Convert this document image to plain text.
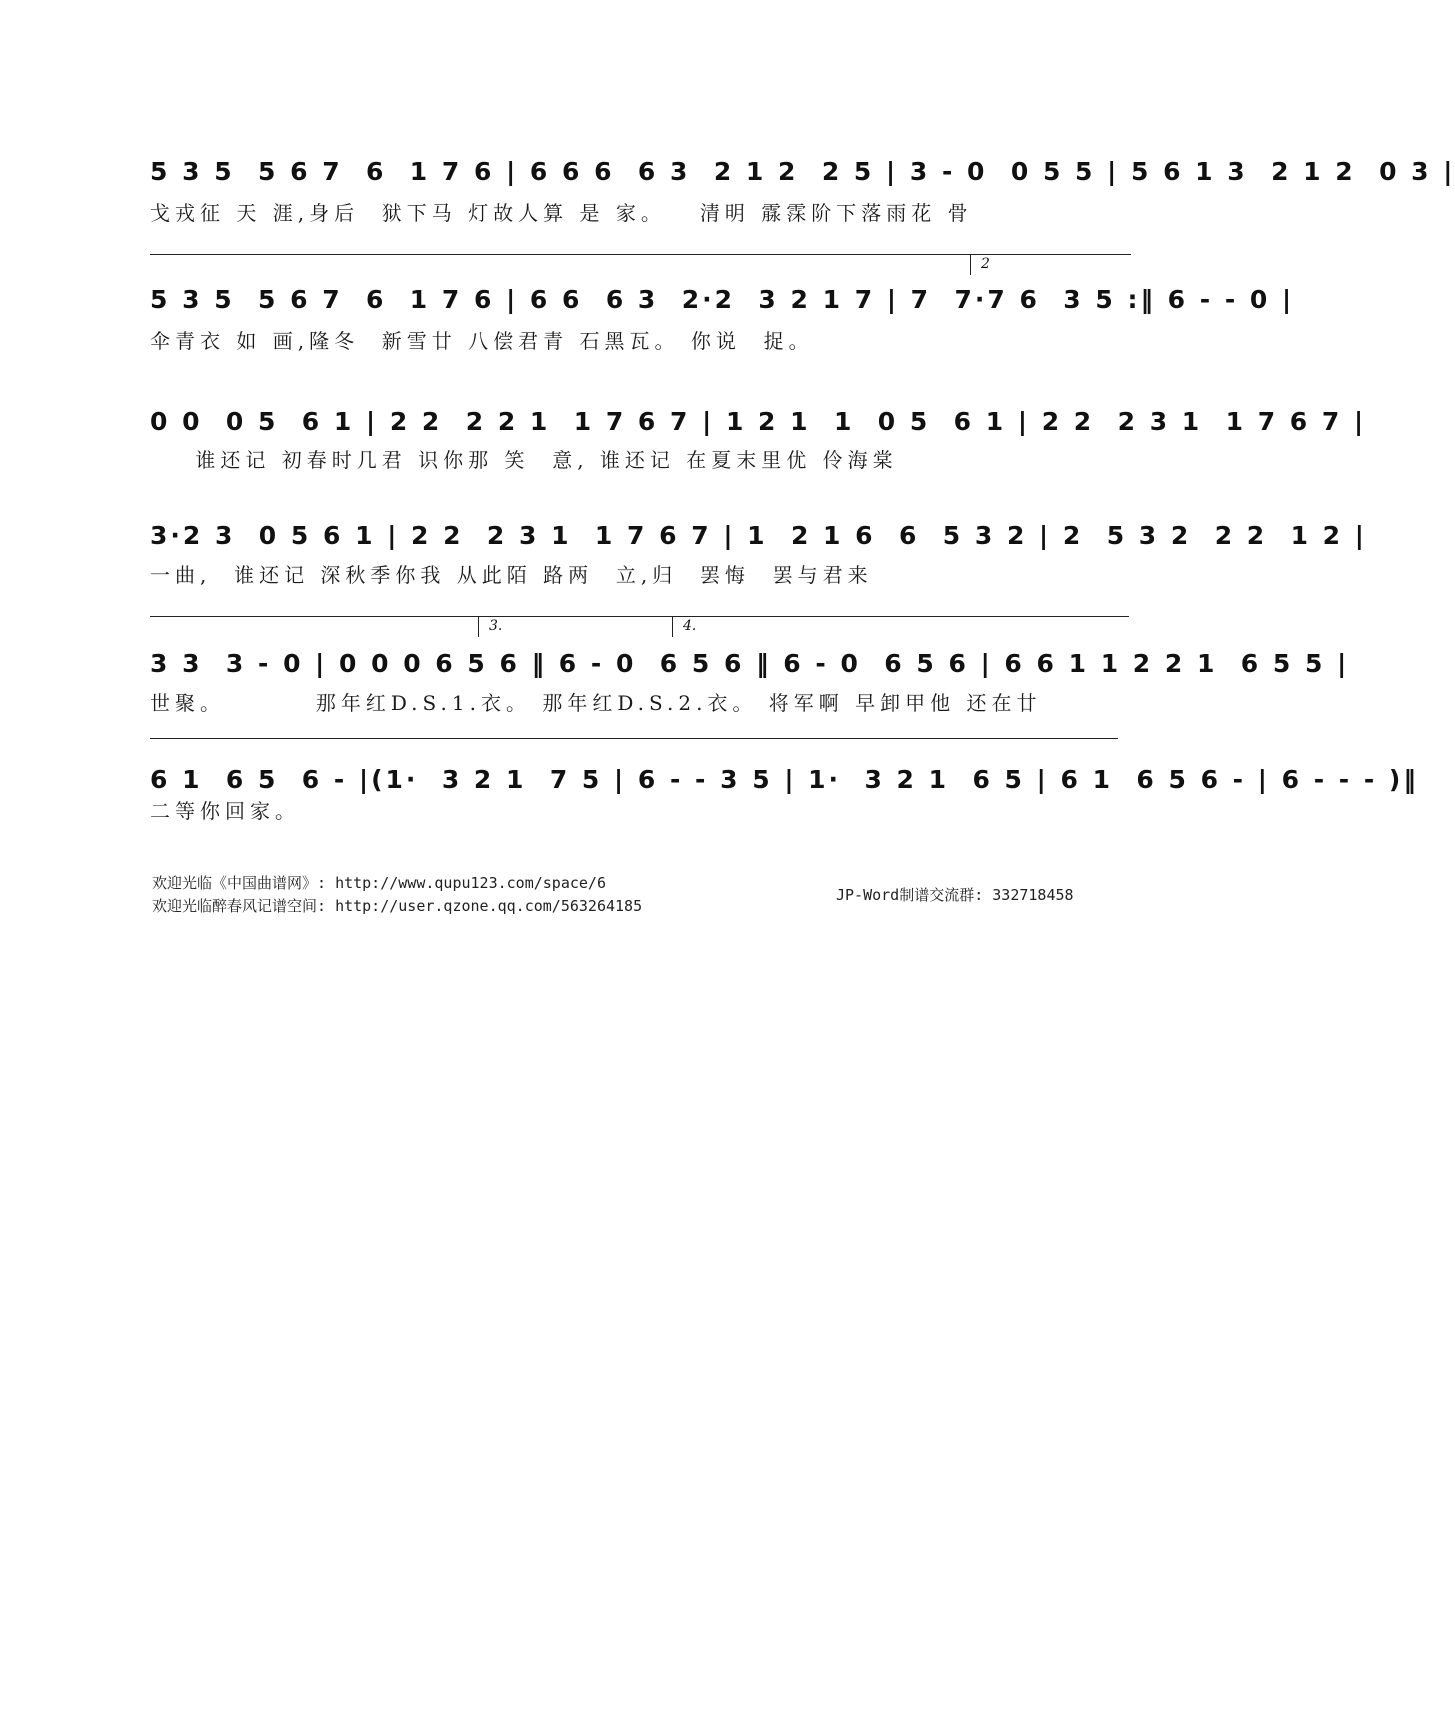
5 3 5  5 6 7  6  1 7 6 | 6 6 6  6 3  2 1 2  2 5 | 3 - 0  0 5 5 | 5 6 1 3  2 1 2  0 3 |
戈戎征 天 涯,身后  狱下马 灯故人算 是 家。   清明 霡霂阶下落雨花 骨
2
5 3 5  5 6 7  6  1 7 6 | 6 6  6 3  2·2  3 2 1 7 | 7  7·7 6  3 5 :‖ 6 - - 0 |
伞青衣 如 画,隆冬  新雪廿 八偿君青 石黑瓦。 你说  捉。
0 0  0 5  6 1 | 2 2  2 2 1  1 7 6 7 | 1 2 1  1  0 5  6 1 | 2 2  2 3 1  1 7 6 7 |
谁还记 初春时几君 识你那 笑  意, 谁还记 在夏末里优 伶海棠
3·2 3  0 5 6 1 | 2 2  2 3 1  1 7 6 7 | 1  2 1 6  6  5 3 2 | 2  5 3 2  2 2  1 2 |
一曲,  谁还记 深秋季你我 从此陌 路两  立,归  罢悔  罢与君来
3.	4.
3 3  3 - 0 | 0 0 0 6 5 6 ‖ 6 - 0  6 5 6 ‖ 6 - 0  6 5 6 | 6 6 1 1 2 2 1  6 5 5 |
世聚。        那年红D.S.1.衣。 那年红D.S.2.衣。 将军啊 早卸甲他 还在廿
6 1  6 5  6 - |(1·  3 2 1  7 5 | 6 - - 3 5 | 1·  3 2 1  6 5 | 6 1  6 5 6 - | 6 - - - )‖
二等你回家。
欢迎光临《中国曲谱网》: http://www.qupu123.com/space/6
欢迎光临醉春风记谱空间: http://user.qzone.qq.com/563264185
JP-Word制谱交流群: 332718458
